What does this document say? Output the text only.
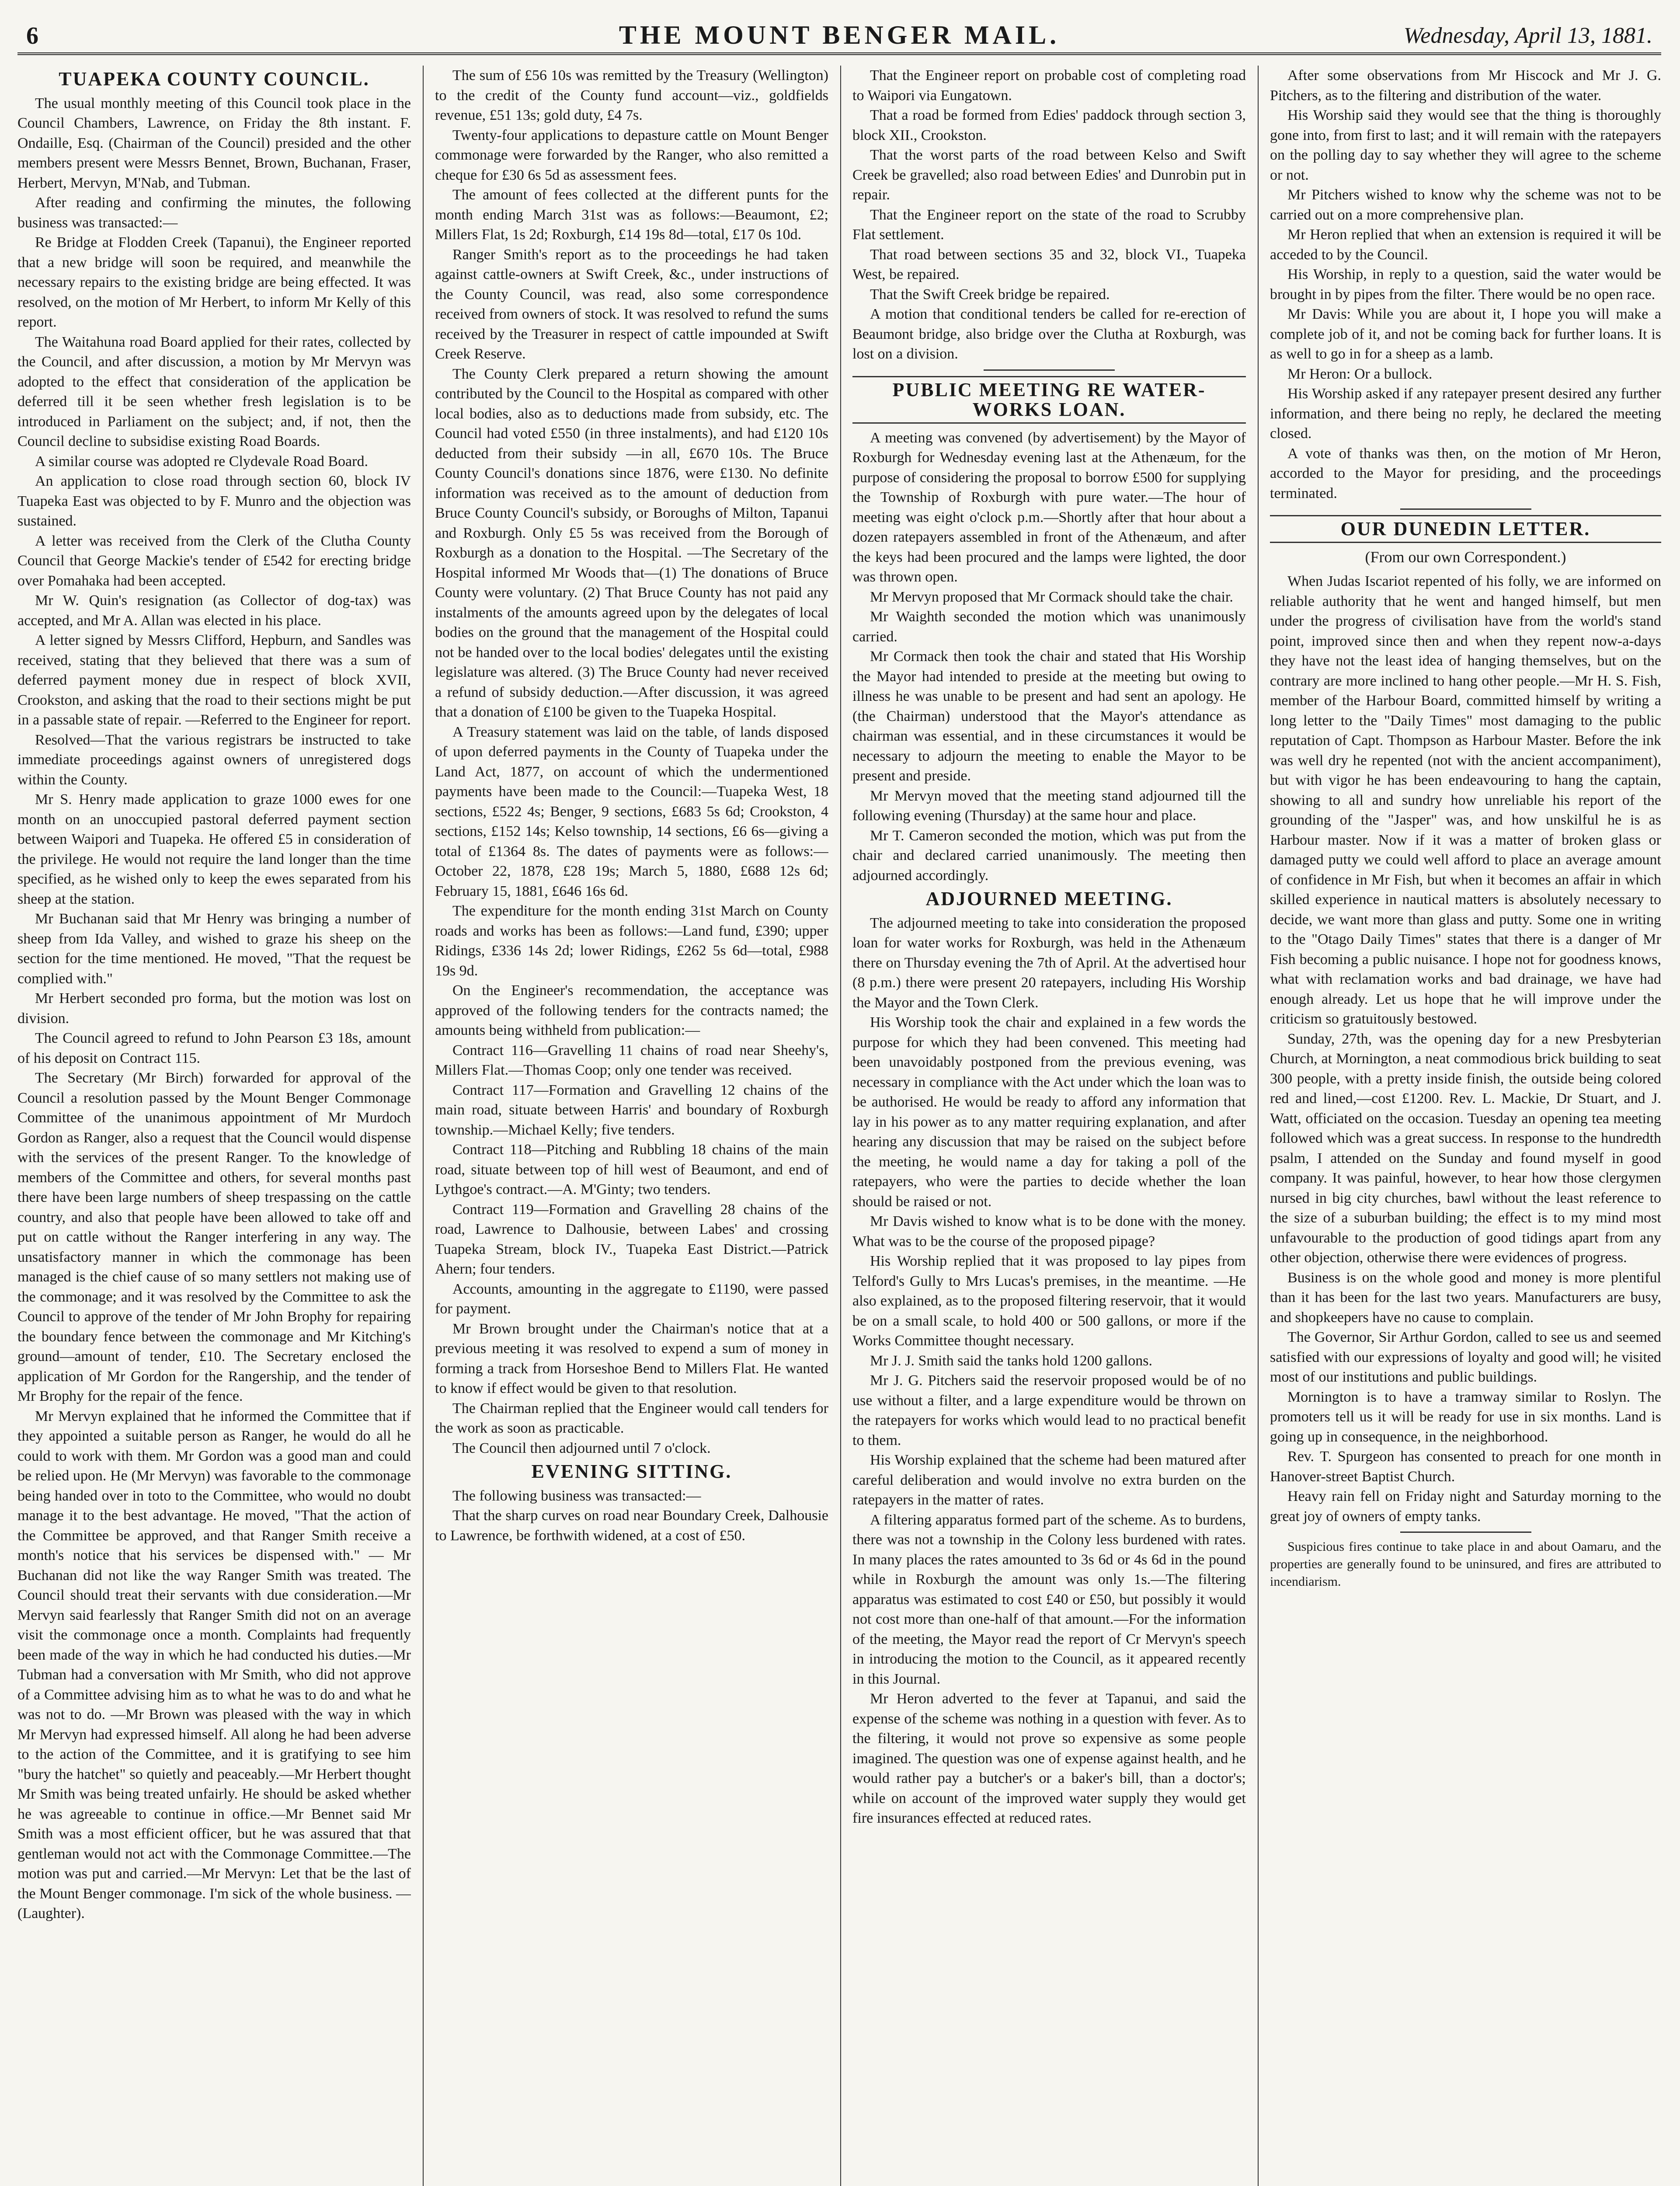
6	THE MOUNT BENGER MAIL.	Wednesday, April 13, 1881.
TUAPEKA COUNTY COUNCIL.

The usual monthly meeting of this Council took place in the Council Chambers, Lawrence, on Friday the 8th instant. F. Ondaille, Esq. (Chairman of the Council) presided and the other members present were Messrs Bennet, Brown, Buchanan, Fraser, Herbert, Mervyn, M'Nab, and Tubman.

After reading and confirming the minutes, the following business was transacted:—

Re Bridge at Flodden Creek (Tapanui), the Engineer reported that a new bridge will soon be required, and meanwhile the necessary repairs to the existing bridge are being effected. It was resolved, on the motion of Mr Herbert, to inform Mr Kelly of this report.

The Waitahuna road Board applied for their rates, collected by the Council, and after discussion, a motion by Mr Mervyn was adopted to the effect that consideration of the application be deferred till it be seen whether fresh legislation is to be introduced in Parliament on the subject; and, if not, then the Council decline to subsidise existing Road Boards.

A similar course was adopted re Clydevale Road Board.

An application to close road through section 60, block IV Tuapeka East was objected to by F. Munro and the objection was sustained.

A letter was received from the Clerk of the Clutha County Council that George Mackie's tender of £542 for erecting bridge over Pomahaka had been accepted.

Mr W. Quin's resignation (as Collector of dog-tax) was accepted, and Mr A. Allan was elected in his place.

A letter signed by Messrs Clifford, Hepburn, and Sandles was received, stating that they believed that there was a sum of deferred payment money due in respect of block XVII, Crookston, and asking that the road to their sections might be put in a passable state of repair. —Referred to the Engineer for report.

Resolved—That the various registrars be instructed to take immediate proceedings against owners of unregistered dogs within the County.

Mr S. Henry made application to graze 1000 ewes for one month on an unoccupied pastoral deferred payment section between Waipori and Tuapeka. He offered £5 in consideration of the privilege. He would not require the land longer than the time specified, as he wished only to keep the ewes separated from his sheep at the station.

Mr Buchanan said that Mr Henry was bringing a number of sheep from Ida Valley, and wished to graze his sheep on the section for the time mentioned. He moved, "That the request be complied with."

Mr Herbert seconded pro forma, but the motion was lost on division.

The Council agreed to refund to John Pearson £3 18s, amount of his deposit on Contract 115.

The Secretary (Mr Birch) forwarded for approval of the Council a resolution passed by the Mount Benger Commonage Committee of the unanimous appointment of Mr Murdoch Gordon as Ranger, also a request that the Council would dispense with the services of the present Ranger. To the knowledge of members of the Committee and others, for several months past there have been large numbers of sheep trespassing on the cattle country, and also that people have been allowed to take off and put on cattle without the Ranger interfering in any way. The unsatisfactory manner in which the commonage has been managed is the chief cause of so many settlers not making use of the commonage; and it was resolved by the Committee to ask the Council to approve of the tender of Mr John Brophy for repairing the boundary fence between the commonage and Mr Kitching's ground—amount of tender, £10. The Secretary enclosed the application of Mr Gordon for the Rangership, and the tender of Mr Brophy for the repair of the fence.

Mr Mervyn explained that he informed the Committee that if they appointed a suitable person as Ranger, he would do all he could to work with them. Mr Gordon was a good man and could be relied upon. He (Mr Mervyn) was favorable to the commonage being handed over in toto to the Committee, who would no doubt manage it to the best advantage. He moved, "That the action of the Committee be approved, and that Ranger Smith receive a month's notice that his services be dispensed with." — Mr Buchanan did not like the way Ranger Smith was treated. The Council should treat their servants with due consideration.—Mr Mervyn said fearlessly that Ranger Smith did not on an average visit the commonage once a month. Complaints had frequently been made of the way in which he had conducted his duties.—Mr Tubman had a conversation with Mr Smith, who did not approve of a Committee advising him as to what he was to do and what he was not to do. —Mr Brown was pleased with the way in which Mr Mervyn had expressed himself. All along he had been adverse to the action of the Committee, and it is gratifying to see him "bury the hatchet" so quietly and peaceably.—Mr Herbert thought Mr Smith was being treated unfairly. He should be asked whether he was agreeable to continue in office.—Mr Bennet said Mr Smith was a most efficient officer, but he was assured that that gentleman would not act with the Commonage Committee.—The motion was put and carried.—Mr Mervyn: Let that be the last of the Mount Benger commonage. I'm sick of the whole business. —(Laughter).

The sum of £56 10s was remitted by the Treasury (Wellington) to the credit of the County fund account—viz., goldfields revenue, £51 13s; gold duty, £4 7s.

Twenty-four applications to depasture cattle on Mount Benger commonage were forwarded by the Ranger, who also remitted a cheque for £30 6s 5d as assessment fees.

The amount of fees collected at the different punts for the month ending March 31st was as follows:—Beaumont, £2; Millers Flat, 1s 2d; Roxburgh, £14 19s 8d—total, £17 0s 10d.

Ranger Smith's report as to the proceedings he had taken against cattle-owners at Swift Creek, &c., under instructions of the County Council, was read, also some correspondence received from owners of stock. It was resolved to refund the sums received by the Treasurer in respect of cattle impounded at Swift Creek Reserve.

The County Clerk prepared a return showing the amount contributed by the Council to the Hospital as compared with other local bodies, also as to deductions made from subsidy, etc. The Council had voted £550 (in three instalments), and had £120 10s deducted from their subsidy —in all, £670 10s. The Bruce County Council's donations since 1876, were £130. No definite information was received as to the amount of deduction from Bruce County Council's subsidy, or Boroughs of Milton, Tapanui and Roxburgh. Only £5 5s was received from the Borough of Roxburgh as a donation to the Hospital. —The Secretary of the Hospital informed Mr Woods that—(1) The donations of Bruce County were voluntary. (2) That Bruce County has not paid any instalments of the amounts agreed upon by the delegates of local bodies on the ground that the management of the Hospital could not be handed over to the local bodies' delegates until the existing legislature was altered. (3) The Bruce County had never received a refund of subsidy deduction.—After discussion, it was agreed that a donation of £100 be given to the Tuapeka Hospital.

A Treasury statement was laid on the table, of lands disposed of upon deferred payments in the County of Tuapeka under the Land Act, 1877, on account of which the undermentioned payments have been made to the Council:—Tuapeka West, 18 sections, £522 4s; Benger, 9 sections, £683 5s 6d; Crookston, 4 sections, £152 14s; Kelso township, 14 sections, £6 6s—giving a total of £1364 8s. The dates of payments were as follows:—October 22, 1878, £28 19s; March 5, 1880, £688 12s 6d; February 15, 1881, £646 16s 6d.

The expenditure for the month ending 31st March on County roads and works has been as follows:—Land fund, £390; upper Ridings, £336 14s 2d; lower Ridings, £262 5s 6d—total, £988 19s 9d.

On the Engineer's recommendation, the acceptance was approved of the following tenders for the contracts named; the amounts being withheld from publication:—

Contract 116—Gravelling 11 chains of road near Sheehy's, Millers Flat.—Thomas Coop; only one tender was received.

Contract 117—Formation and Gravelling 12 chains of the main road, situate between Harris' and boundary of Roxburgh township.—Michael Kelly; five tenders.

Contract 118—Pitching and Rubbling 18 chains of the main road, situate between top of hill west of Beaumont, and end of Lythgoe's contract.—A. M'Ginty; two tenders.

Contract 119—Formation and Gravelling 28 chains of the road, Lawrence to Dalhousie, between Labes' and crossing Tuapeka Stream, block IV., Tuapeka East District.—Patrick Ahern; four tenders.

Accounts, amounting in the aggregate to £1190, were passed for payment.

Mr Brown brought under the Chairman's notice that at a previous meeting it was resolved to expend a sum of money in forming a track from Horseshoe Bend to Millers Flat. He wanted to know if effect would be given to that resolution.

The Chairman replied that the Engineer would call tenders for the work as soon as practicable.

The Council then adjourned until 7 o'clock.

EVENING SITTING.

The following business was transacted:—

That the sharp curves on road near Boundary Creek, Dalhousie to Lawrence, be forthwith widened, at a cost of £50.

That the Engineer report on probable cost of completing road to Waipori via Eungatown.

That a road be formed from Edies' paddock through section 3, block XII., Crookston.

That the worst parts of the road between Kelso and Swift Creek be gravelled; also road between Edies' and Dunrobin put in repair.

That the Engineer report on the state of the road to Scrubby Flat settlement.

That road between sections 35 and 32, block VI., Tuapeka West, be repaired.

That the Swift Creek bridge be repaired.

A motion that conditional tenders be called for re-erection of Beaumont bridge, also bridge over the Clutha at Roxburgh, was lost on a division.

PUBLIC MEETING RE WATER-WORKS LOAN.

A meeting was convened (by advertisement) by the Mayor of Roxburgh for Wednesday evening last at the Athenæum, for the purpose of considering the proposal to borrow £500 for supplying the Township of Roxburgh with pure water.—The hour of meeting was eight o'clock p.m.—Shortly after that hour about a dozen ratepayers assembled in front of the Athenæum, and after the keys had been procured and the lamps were lighted, the door was thrown open.

Mr Mervyn proposed that Mr Cormack should take the chair.

Mr Waighth seconded the motion which was unanimously carried.

Mr Cormack then took the chair and stated that His Worship the Mayor had intended to preside at the meeting but owing to illness he was unable to be present and had sent an apology. He (the Chairman) understood that the Mayor's attendance as chairman was essential, and in these circumstances it would be necessary to adjourn the meeting to enable the Mayor to be present and preside.

Mr Mervyn moved that the meeting stand adjourned till the following evening (Thursday) at the same hour and place.

Mr T. Cameron seconded the motion, which was put from the chair and declared carried unanimously. The meeting then adjourned accordingly.

ADJOURNED MEETING.

The adjourned meeting to take into consideration the proposed loan for water works for Roxburgh, was held in the Athenæum there on Thursday evening the 7th of April. At the advertised hour (8 p.m.) there were present 20 ratepayers, including His Worship the Mayor and the Town Clerk.

His Worship took the chair and explained in a few words the purpose for which they had been convened. This meeting had been unavoidably postponed from the previous evening, was necessary in compliance with the Act under which the loan was to be authorised. He would be ready to afford any information that lay in his power as to any matter requiring explanation, and after hearing any discussion that may be raised on the subject before the meeting, he would name a day for taking a poll of the ratepayers, who were the parties to decide whether the loan should be raised or not.

Mr Davis wished to know what is to be done with the money. What was to be the course of the proposed pipage?

His Worship replied that it was proposed to lay pipes from Telford's Gully to Mrs Lucas's premises, in the meantime. —He also explained, as to the proposed filtering reservoir, that it would be on a small scale, to hold 400 or 500 gallons, or more if the Works Committee thought necessary.

Mr J. J. Smith said the tanks hold 1200 gallons.

Mr J. G. Pitchers said the reservoir proposed would be of no use without a filter, and a large expenditure would be thrown on the ratepayers for works which would lead to no practical benefit to them.

His Worship explained that the scheme had been matured after careful deliberation and would involve no extra burden on the ratepayers in the matter of rates.

A filtering apparatus formed part of the scheme. As to burdens, there was not a township in the Colony less burdened with rates. In many places the rates amounted to 3s 6d or 4s 6d in the pound while in Roxburgh the amount was only 1s.—The filtering apparatus was estimated to cost £40 or £50, but possibly it would not cost more than one-half of that amount.—For the information of the meeting, the Mayor read the report of Cr Mervyn's speech in introducing the motion to the Council, as it appeared recently in this Journal.

Mr Heron adverted to the fever at Tapanui, and said the expense of the scheme was nothing in a question with fever. As to the filtering, it would not prove so expensive as some people imagined. The question was one of expense against health, and he would rather pay a butcher's or a baker's bill, than a doctor's; while on account of the improved water supply they would get fire insurances effected at reduced rates.

After some observations from Mr Hiscock and Mr J. G. Pitchers, as to the filtering and distribution of the water.

His Worship said they would see that the thing is thoroughly gone into, from first to last; and it will remain with the ratepayers on the polling day to say whether they will agree to the scheme or not.

Mr Pitchers wished to know why the scheme was not to be carried out on a more comprehensive plan.

Mr Heron replied that when an extension is required it will be acceded to by the Council.

His Worship, in reply to a question, said the water would be brought in by pipes from the filter. There would be no open race.

Mr Davis: While you are about it, I hope you will make a complete job of it, and not be coming back for further loans. It is as well to go in for a sheep as a lamb.

Mr Heron: Or a bullock.

His Worship asked if any ratepayer present desired any further information, and there being no reply, he declared the meeting closed.

A vote of thanks was then, on the motion of Mr Heron, accorded to the Mayor for presiding, and the proceedings terminated.

OUR DUNEDIN LETTER.
(From our own Correspondent.)

When Judas Iscariot repented of his folly, we are informed on reliable authority that he went and hanged himself, but men under the progress of civilisation have from the world's stand point, improved since then and when they repent now-a-days they have not the least idea of hanging themselves, but on the contrary are more inclined to hang other people.—Mr H. S. Fish, member of the Harbour Board, committed himself by writing a long letter to the "Daily Times" most damaging to the public reputation of Capt. Thompson as Harbour Master. Before the ink was well dry he repented (not with the ancient accompaniment), but with vigor he has been endeavouring to hang the captain, showing to all and sundry how unreliable his report of the grounding of the "Jasper" was, and how unskilful he is as Harbour master. Now if it was a matter of broken glass or damaged putty we could well afford to place an average amount of confidence in Mr Fish, but when it becomes an affair in which skilled experience in nautical matters is absolutely necessary to decide, we want more than glass and putty. Some one in writing to the "Otago Daily Times" states that there is a danger of Mr Fish becoming a public nuisance. I hope not for goodness knows, what with reclamation works and bad drainage, we have had enough already. Let us hope that he will improve under the criticism so gratuitously bestowed.

Sunday, 27th, was the opening day for a new Presbyterian Church, at Mornington, a neat commodious brick building to seat 300 people, with a pretty inside finish, the outside being colored red and lined,—cost £1200. Rev. L. Mackie, Dr Stuart, and J. Watt, officiated on the occasion. Tuesday an opening tea meeting followed which was a great success. In response to the hundredth psalm, I attended on the Sunday and found myself in good company. It was painful, however, to hear how those clergymen nursed in big city churches, bawl without the least reference to the size of a suburban building; the effect is to my mind most unfavourable to the production of good tidings apart from any other objection, otherwise there were evidences of progress.

Business is on the whole good and money is more plentiful than it has been for the last two years. Manufacturers are busy, and shopkeepers have no cause to complain.

The Governor, Sir Arthur Gordon, called to see us and seemed satisfied with our expressions of loyalty and good will; he visited most of our institutions and public buildings.

Mornington is to have a tramway similar to Roslyn. The promoters tell us it will be ready for use in six months. Land is going up in consequence, in the neighborhood.

Rev. T. Spurgeon has consented to preach for one month in Hanover-street Baptist Church.

Heavy rain fell on Friday night and Saturday morning to the great joy of owners of empty tanks.

Suspicious fires continue to take place in and about Oamaru, and the properties are generally found to be uninsured, and fires are attributed to incendiarism.
